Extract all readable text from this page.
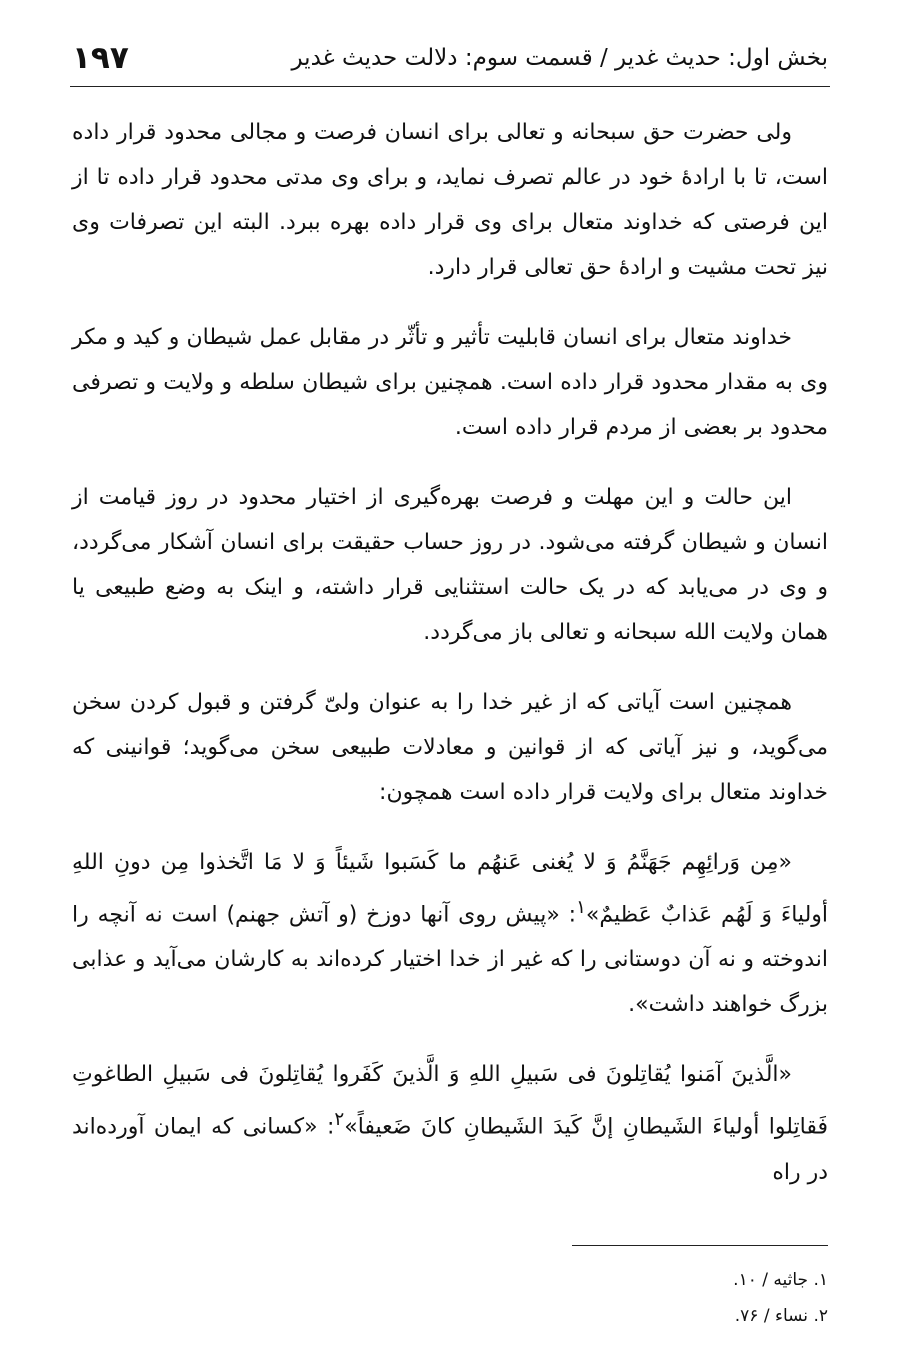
بخش اول: حدیث غدیر / قسمت سوم: دلالت حدیث غدیر
۱۹۷

ولی حضرت حق سبحانه و تعالی برای انسان فرصت و مجالی محدود قرار داده است، تا با ارادهٔ خود در عالم تصرف نماید، و برای وی مدتی محدود قرار داده تا از این فرصتی که خداوند متعال برای وی قرار داده بهره ببرد. البته این تصرفات وی نیز تحت مشیت و ارادهٔ حق تعالی قرار دارد.

خداوند متعال برای انسان قابلیت تأثیر و تأثّر در مقابل عمل شیطان و کید و مکر وی به مقدار محدود قرار داده است. همچنین برای شیطان سلطه و ولایت و تصرفی محدود بر بعضی از مردم قرار داده است.

این حالت و این مهلت و فرصت بهره‌گیری از اختیار محدود در روز قیامت از انسان و شیطان گرفته می‌شود. در روز حساب حقیقت برای انسان آشکار می‌گردد، و وی در می‌یابد که در یک حالت استثنایی قرار داشته، و اینک به وضع طبیعی یا همان ولایت الله سبحانه و تعالی باز می‌گردد.

همچنین است آیاتی که از غیر خدا را به عنوان ولیّ گرفتن و قبول کردن سخن می‌گوید، و نیز آیاتی که از قوانین و معادلات طبیعی سخن می‌گوید؛ قوانینی که خداوند متعال برای ولایت قرار داده است همچون:

«مِن وَرائِهِم جَهَنَّمُ وَ لا یُغنی عَنهُم ما کَسَبوا شَیئاً وَ لا مَا اتَّخذوا مِن دونِ اللهِ أولیاءَ وَ لَهُم عَذابٌ عَظیمٌ»$^۱$: «پیش روی آنها دوزخ (و آتش جهنم) است نه آنچه را اندوخته و نه آن دوستانی را که غیر از خدا اختیار کرده‌اند به کارشان می‌آید و عذابی بزرگ خواهند داشت».

«الَّذینَ آمَنوا یُقاتِلونَ فی سَبیلِ اللهِ وَ الَّذینَ کَفَروا یُقاتِلونَ فی سَبیلِ الطاغوتِ فَقاتِلوا أولیاءَ الشَیطانِ إنَّ کَیدَ الشَیطانِ کانَ ضَعیفاً»$^۲$: «کسانی که ایمان آورده‌اند در راه

۱. جاثیه / ۱۰.
۲. نساء / ۷۶.
